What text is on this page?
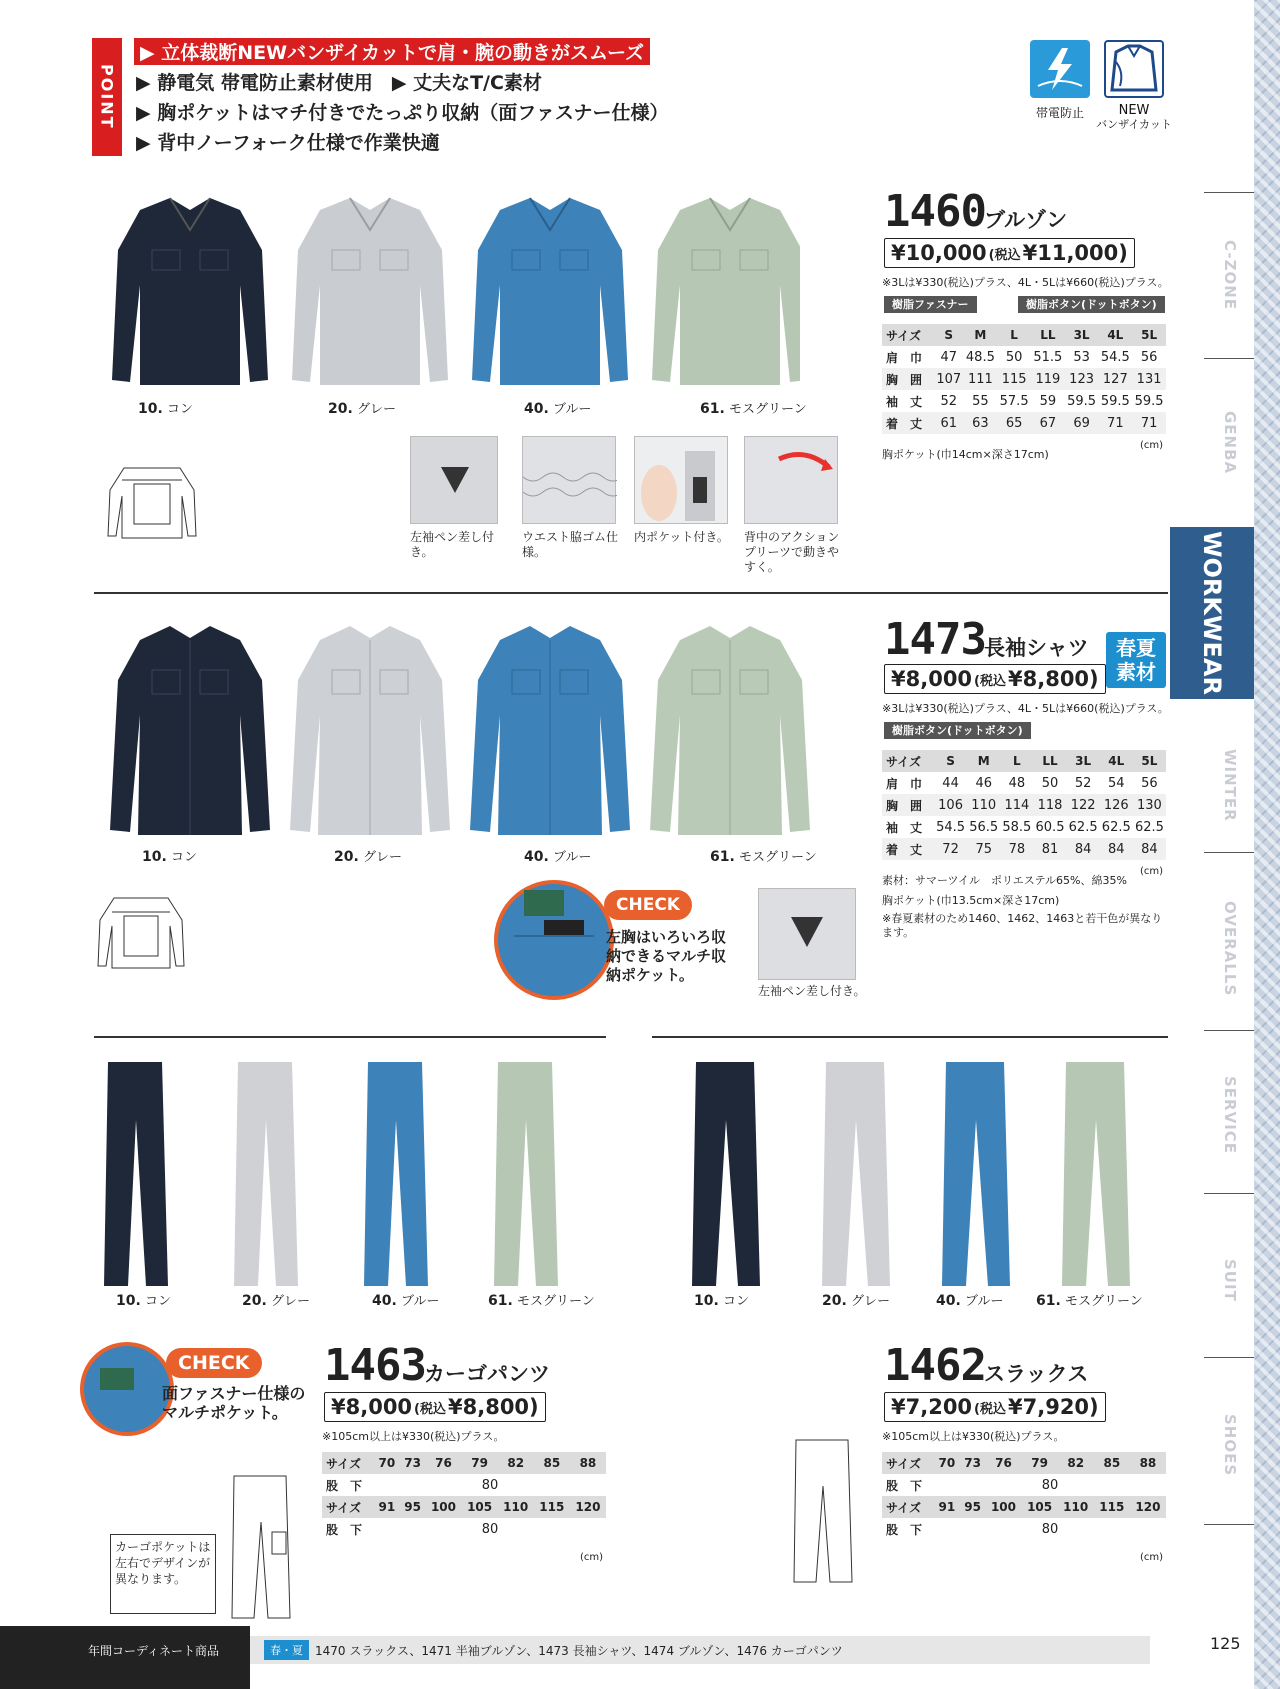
C-ZONE
GENBA
WORK
WEAR
WINTER
OVERALLS
SERVICE
SUIT
SHOES
POINT
▶ 立体裁断NEWバンザイカットで肩・腕の動きがスムーズ
▶ 静電気 帯電防止素材使用　▶ 丈夫なT/C素材
▶ 胸ポケットはマチ付きでたっぷり収納（面ファスナー仕様）
▶ 背中ノーフォーク仕様で作業快適
帯電防止	NEW
バンザイカット
10. コン	20. グレー	40. ブルー	61. モスグリーン
左袖ペン差し付き。
ウエスト脇ゴム仕様。
内ポケット付き。	背中のアクションプリーツで動きやすく。
1460
ブルゾン
¥10,000 (税込 ¥11,000)
※3Lは¥330(税込)プラス、4L・5Lは¥660(税込)プラス。
樹脂ファスナー	樹脂ボタン(ドットボタン)
サイズ	S	M	L	LL	3L	4L	5L
肩　巾	47	48.5	50	51.5	53	54.5	56
胸　囲	107	111	115	119	123	127	131
袖　丈	52	55	57.5	59	59.5	59.5	59.5
着　丈	61	63	65	67	69	71	71
(cm)
胸ポケット(巾14cm×深さ17cm)
10. コン	20. グレー	40. ブルー	61. モスグリーン
CHECK
左胸はいろいろ収納できるマルチ収納ポケット。
左袖ペン差し付き。
1473
長袖シャツ	春夏素材
¥8,000 (税込 ¥8,800)
※3Lは¥330(税込)プラス、4L・5Lは¥660(税込)プラス。
樹脂ボタン(ドットボタン)
サイズ	S	M	L	LL	3L	4L	5L
肩　巾	44	46	48	50	52	54	56
胸　囲	106	110	114	118	122	126	130
袖　丈	54.5	56.5	58.5	60.5	62.5	62.5	62.5
着　丈	72	75	78	81	84	84	84
(cm)
素材：サマーツイル　ポリエステル65%、綿35%
胸ポケット(巾13.5cm×深さ17cm)
※春夏素材のため1460、1462、1463と若干色が異なります。
10. コン	20. グレー	40. ブルー	61. モスグリーン	10. コン	20. グレー	40. ブルー 61. モスグリーン
CHECK
面ファスナー仕様のマルチポケット。
カーゴポケットは左右でデザインが異なります。
1463
カーゴパンツ
¥8,000 (税込 ¥8,800)
※105cm以上は¥330(税込)プラス。
サイズ	70	73	76	79	82	85	88
股　下	80						
サイズ	91	95	100	105	110	115	120
股　下	80						
(cm)
1462
スラックス
¥7,200 (税込 ¥7,920)
※105cm以上は¥330(税込)プラス。
サイズ	70	73	76	79	82	85	88
股　下	80						
サイズ	91	95	100	105	110	115	120
股　下	80						
(cm)
年間コーディネート商品	春・夏	1470 スラックス、1471 半袖ブルゾン、1473 長袖シャツ、1474 ブルゾン、1476 カーゴパンツ	125
